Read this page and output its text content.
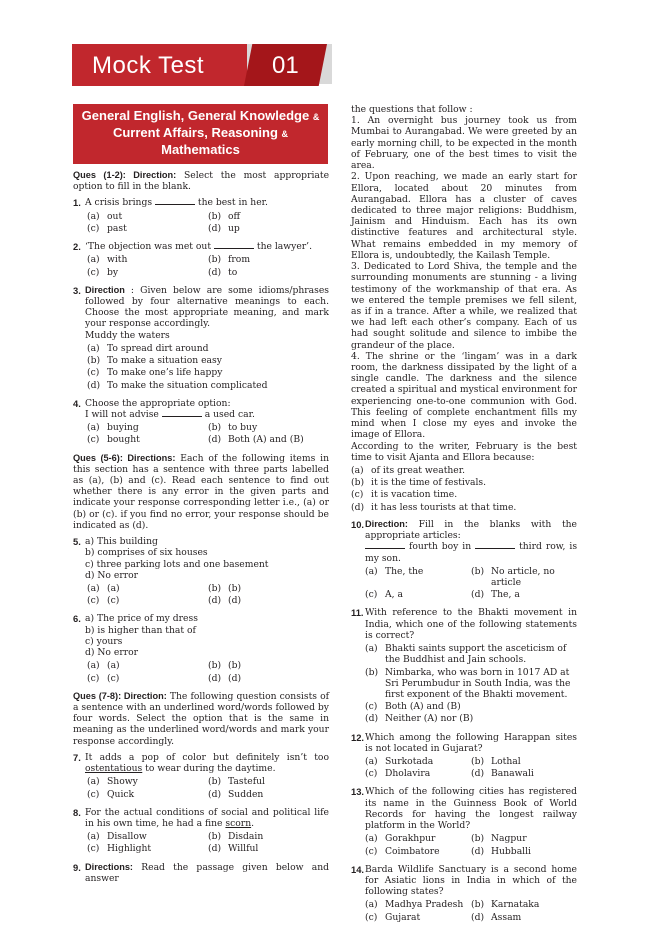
Mock Test	01
General English, General Knowledge &
Current Affairs, Reasoning &
Mathematics
Ques (1-2): Direction: Select the most appropriate option to fill in the blank.
1. A crisis brings	the best in her.
(a) out	(b) off
(c) past	(d) up
2. ‘The objection was met out	the lawyer’.
(a) with	(b) from
(c) by	(d) to
3. Direction : Given below are some idioms/phrases followed by four alternative meanings to each. Choose the most appropriate meaning, and mark your response accordingly.
Muddy the waters
(a) To spread dirt around
(b) To make a situation easy
(c) To make one’s life happy
(d) To make the situation complicated
4. Choose the appropriate option:
I will not advise	a used car.
(a) buying	(b) to buy
(c) bought	(d) Both (A) and (B)
Ques (5-6): Directions: Each of the following items in this section has a sentence with three parts labelled as (a), (b) and (c). Read each sentence to find out whether there is any error in the given parts and indicate your response corresponding letter i.e., (a) or (b) or (c). if you find no error, your response should be indicated as (d).
5. a) This building
b) comprises of six houses
c) three parking lots and one basement
d) No error
(a) (a)	(b) (b)
(c) (c)	(d) (d)
6. a) The price of my dress
b) is higher than that of
c) yours
d) No error
(a) (a)	(b) (b)
(c) (c)	(d) (d)
Ques (7-8): Direction: The following question consists of a sentence with an underlined word/words followed by four words. Select the option that is the same in meaning as the underlined word/words and mark your response accordingly.
7. It adds a pop of color but definitely isn’t too ostentatious to wear during the daytime.
(a) Showy	(b) Tasteful
(c) Quick	(d) Sudden
8. For the actual conditions of social and political life in his own time, he had a fine scorn.
(a) Disallow	(b) Disdain
(c) Highlight	(d) Willful
9. Directions: Read the passage given below and answer
the questions that follow :
1. An overnight bus journey took us from Mumbai to Aurangabad. We were greeted by an early morning chill, to be expected in the month of February, one of the best times to visit the area.
2. Upon reaching, we made an early start for Ellora, located about 20 minutes from Aurangabad. Ellora has a cluster of caves dedicated to three major religions: Buddhism, Jainism and Hinduism. Each has its own distinctive features and architectural style. What remains embedded in my memory of Ellora is, undoubtedly, the Kailash Temple.
3. Dedicated to Lord Shiva, the temple and the surrounding monuments are stunning - a living testimony of the workmanship of that era. As we entered the temple premises we fell silent, as if in a trance. After a while, we realized that we had left each other’s company. Each of us had sought solitude and silence to imbibe the grandeur of the place.
4. The shrine or the ‘lingam’ was in a dark room, the darkness dissipated by the light of a single candle. The darkness and the silence created a spiritual and mystical environment for experiencing one-to-one communion with God. This feeling of complete enchantment fills my mind when I close my eyes and invoke the image of Ellora.
According to the writer, February is the best time to visit Ajanta and Ellora because:
(a) of its great weather.
(b) it is the time of festivals.
(c) it is vacation time.
(d) it has less tourists at that time.
10. Direction: Fill in the blanks with the appropriate articles:
fourth boy in	third row, is my son.
(a) The, the	(b) No article, no article
(c) A, a	(d) The, a
11. With reference to the Bhakti movement in India, which one of the following statements is correct?
(a) Bhakti saints support the asceticism of the Buddhist and Jain schools.
(b) Nimbarka, who was born in 1017 AD at Sri Perumbudur in South India, was the first exponent of the Bhakti movement.
(c) Both (A) and (B)
(d) Neither (A) nor (B)
12. Which among the following Harappan sites is not located in Gujarat?
(a) Surkotada	(b) Lothal
(c) Dholavira	(d) Banawali
13. Which of the following cities has registered its name in the Guinness Book of World Records for having the longest railway platform in the World?
(a) Gorakhpur	(b) Nagpur
(c) Coimbatore	(d) Hubballi
14. Barda Wildlife Sanctuary is a second home for Asiatic lions in India in which of the following states?
(a) Madhya Pradesh (b) Karnataka
(c) Gujarat	(d) Assam
